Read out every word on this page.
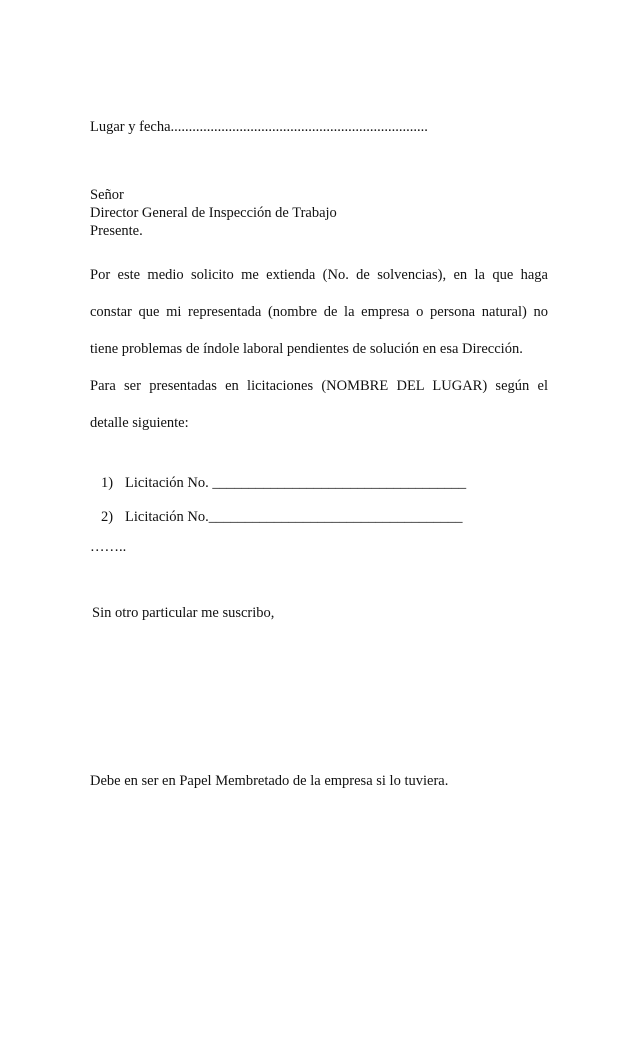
Lugar y fecha.......................................................................
Señor
Director General de Inspección de Trabajo
Presente.
Por este medio solicito me extienda (No. de solvencias), en la que haga
constar que mi representada (nombre de la empresa o persona natural) no
tiene problemas de índole laboral pendientes de solución en esa Dirección.
Para ser presentadas en licitaciones (NOMBRE DEL LUGAR) según el
detalle siguiente:
1) Licitación No. ___________________________________
2) Licitación No.___________________________________
……..
Sin otro particular me suscribo,
Debe en ser en Papel Membretado de la empresa si lo tuviera.
